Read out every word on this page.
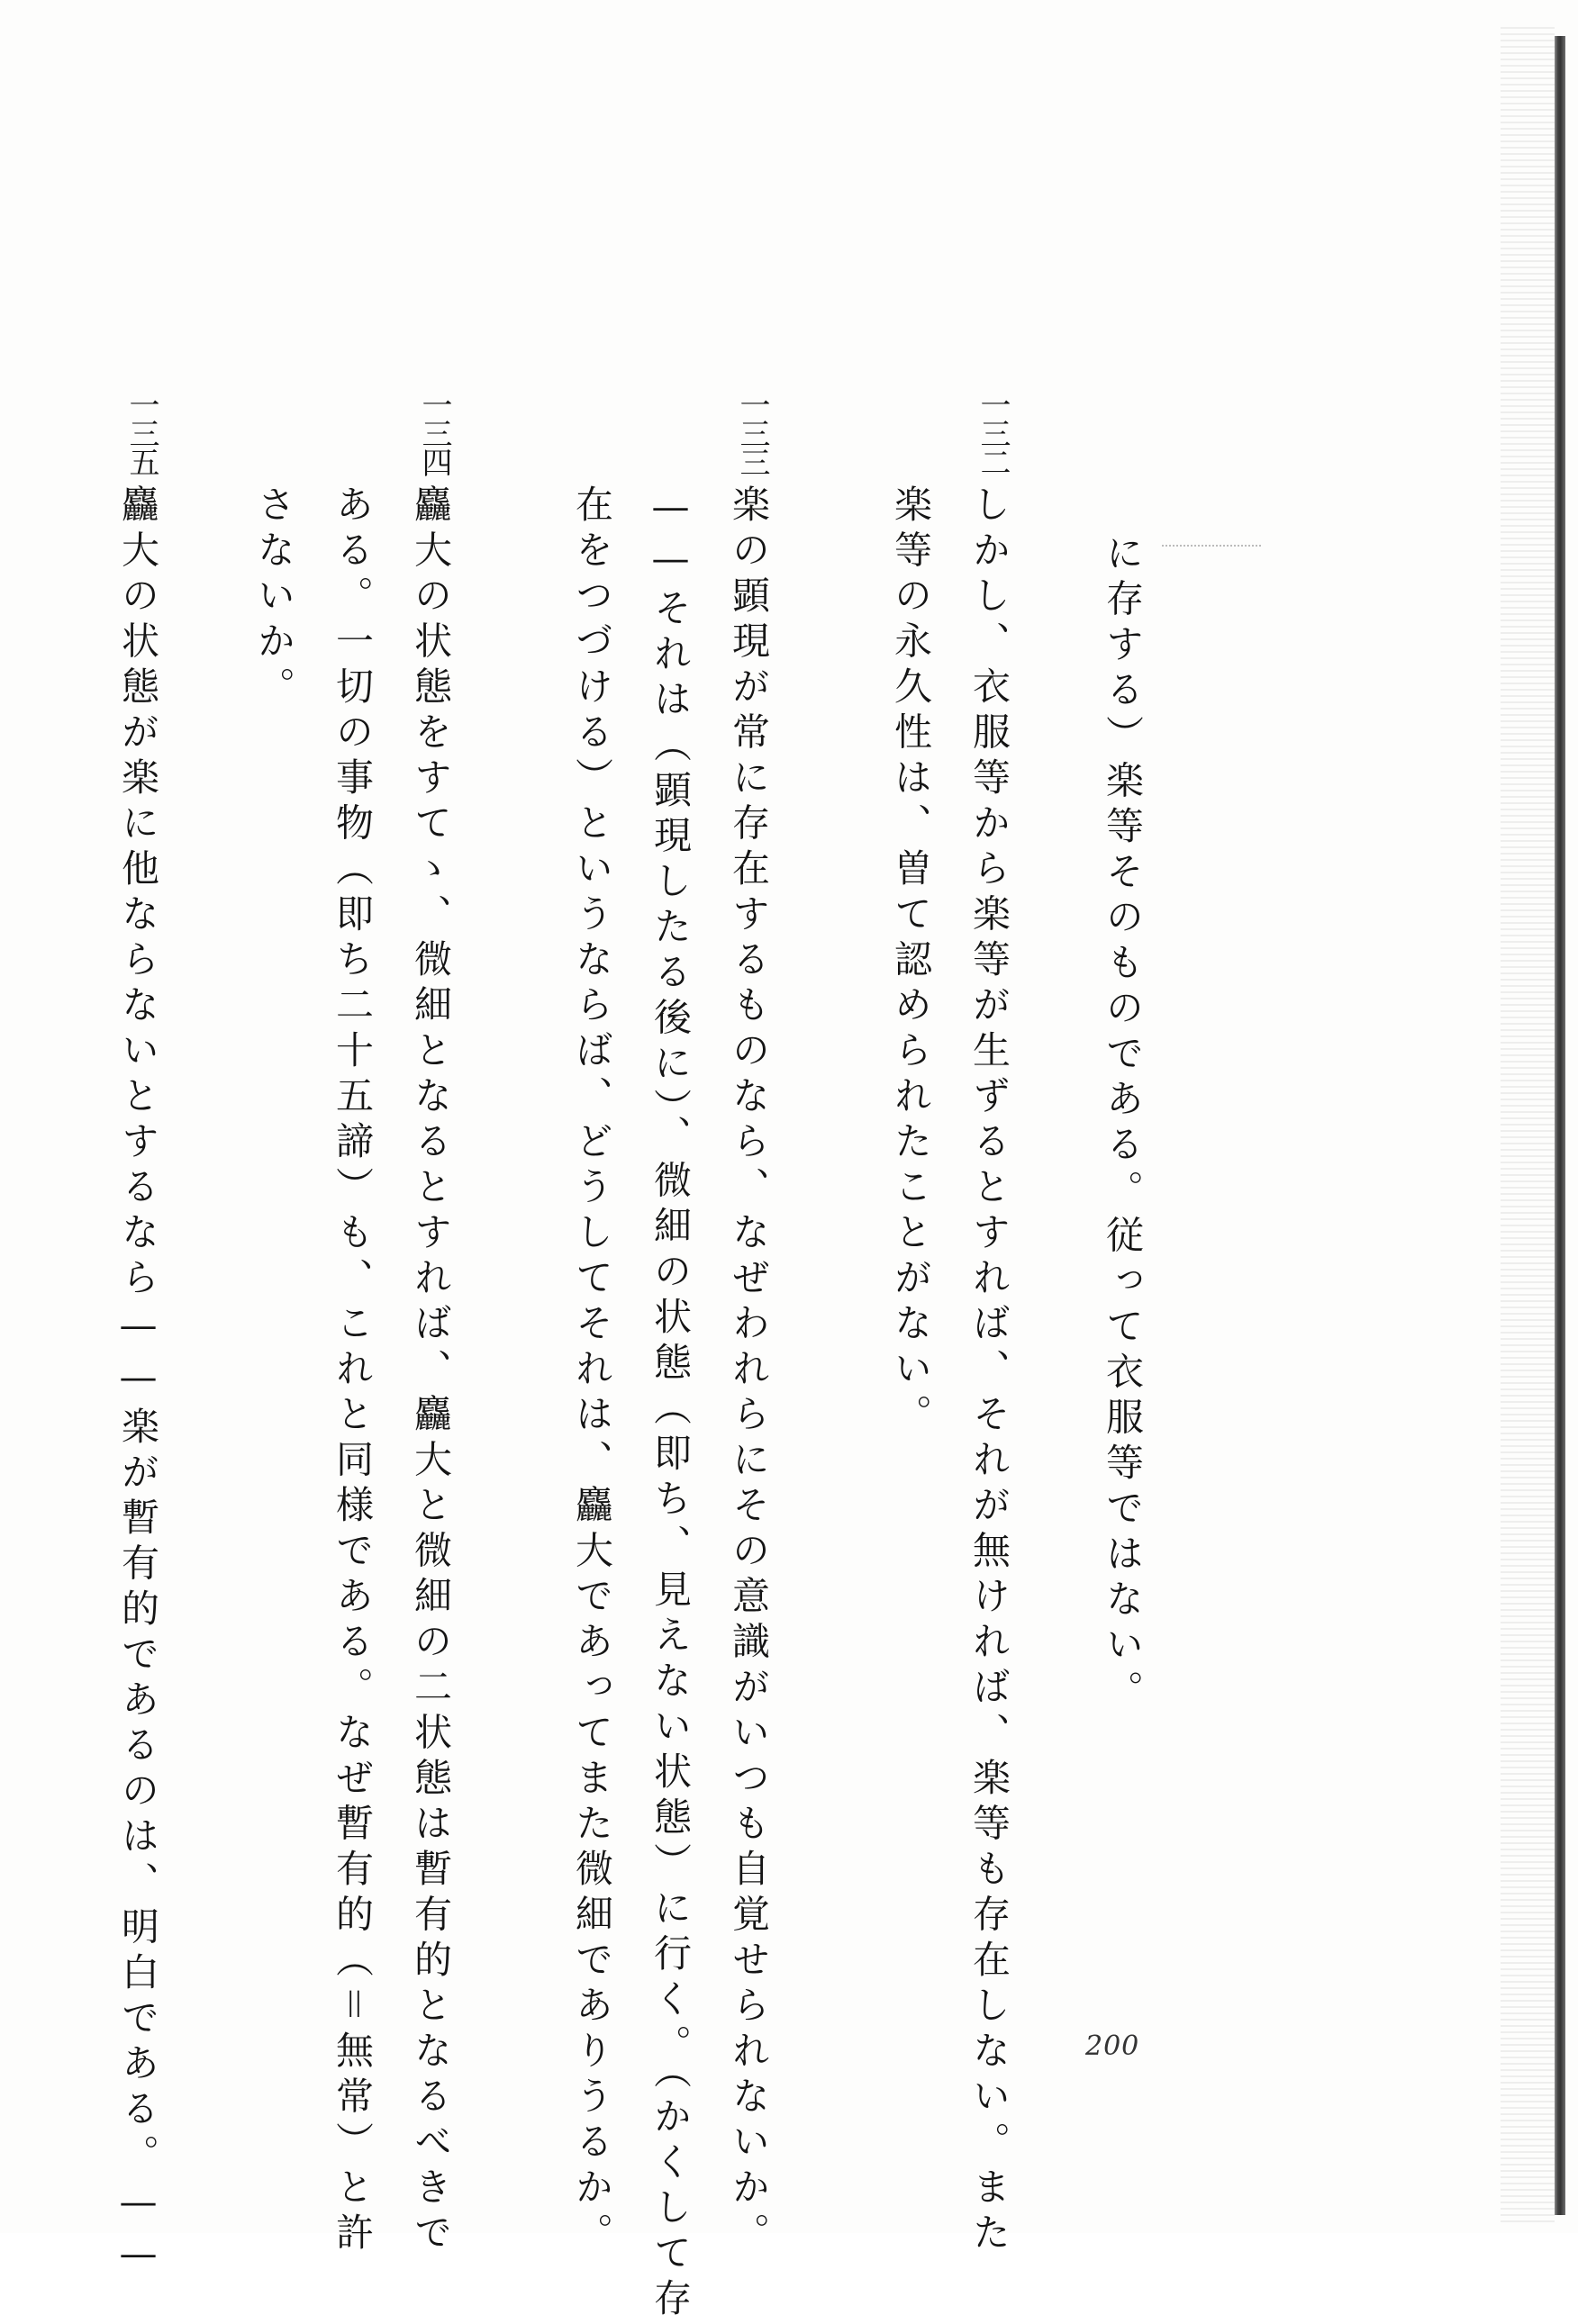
に存する）楽等そのものである。従って衣服等ではない。
一三二
しかし、衣服等から楽等が生ずるとすれば、それが無ければ、楽等も存在しない。また
楽等の永久性は、曽て認められたことがない。
一三三
楽の顕現が常に存在するものなら、なぜわれらにその意識がいつも自覚せられないか。
——それは（顕現したる後に）、微細の状態（即ち、見えない状態）に行く。（かくして存
在をつづける）というならば、どうしてそれは、麤大であってまた微細でありうるか。
一三四
麤大の状態をすてゝ、微細となるとすれば、麤大と微細の二状態は暫有的となるべきで
ある。一切の事物（即ち二十五諦）も、これと同様である。なぜ暫有的（＝無常）と許
さないか。
一三五
麤大の状態が楽に他ならないとするなら——楽が暫有的であるのは、明白である。——	200
